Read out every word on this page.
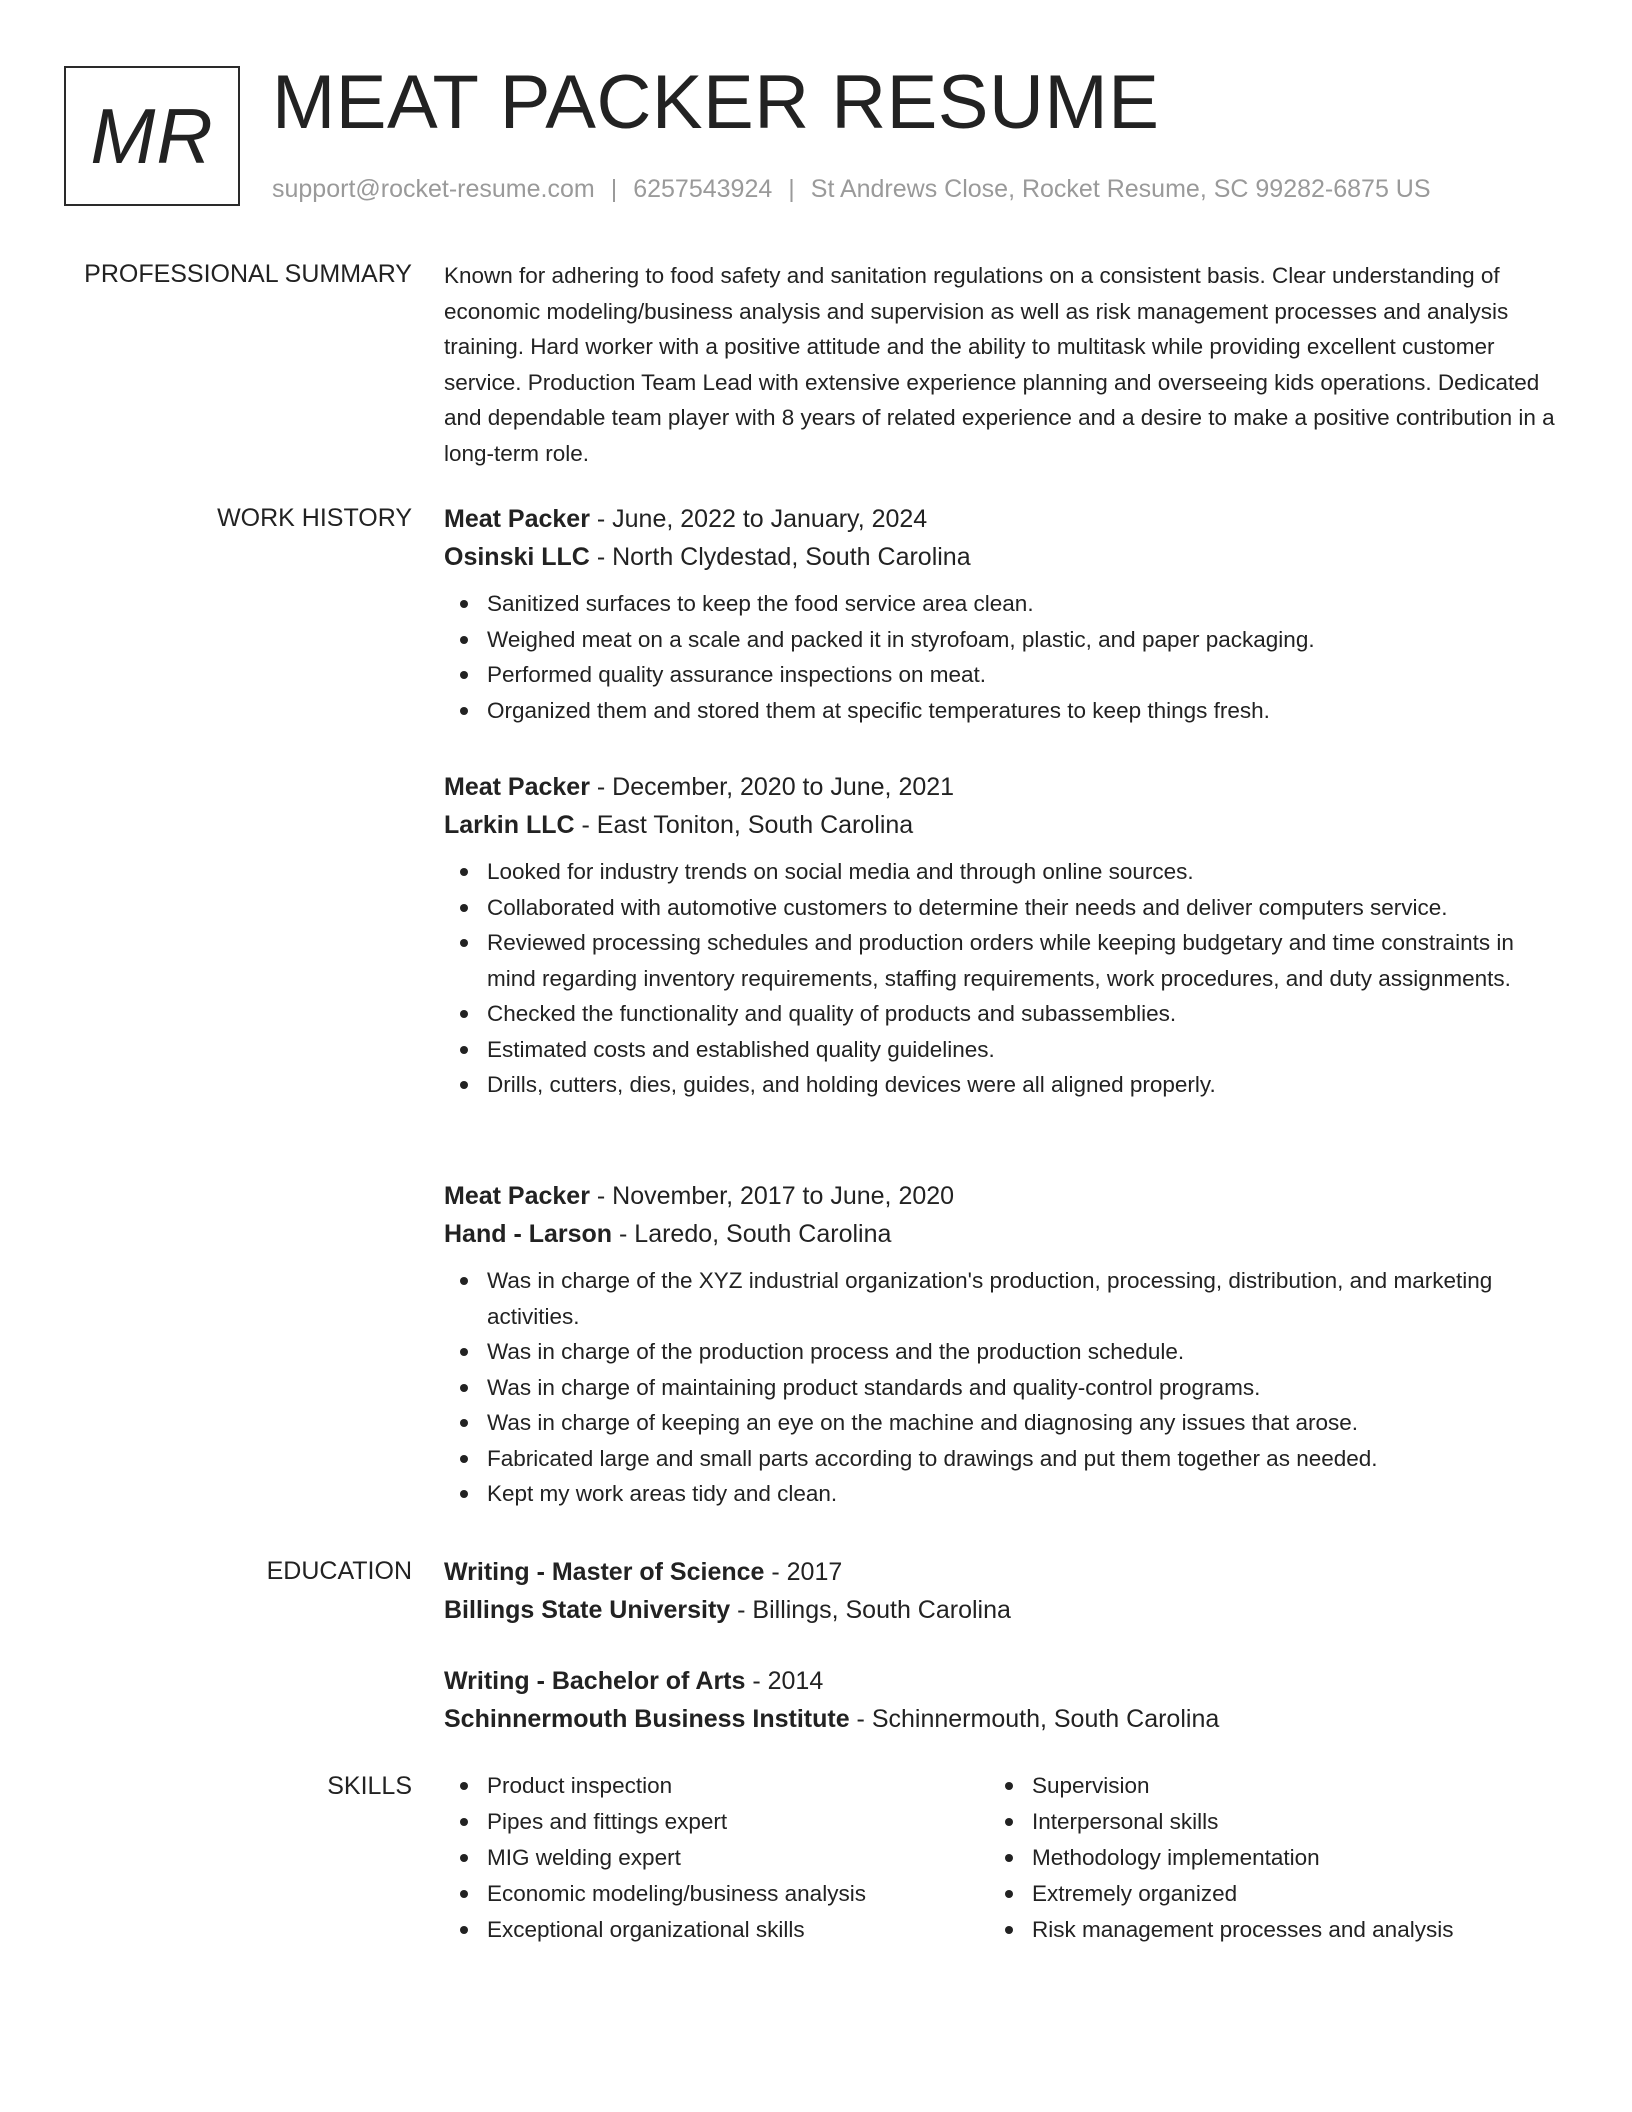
MR MEAT PACKER RESUME
support@rocket-resume.com | 6257543924 | St Andrews Close, Rocket Resume, SC 99282-6875 US
PROFESSIONAL SUMMARY Known for adhering to food safety and sanitation regulations on a consistent basis. Clear understanding of economic modeling/business analysis and supervision as well as risk management processes and analysis training. Hard worker with a positive attitude and the ability to multitask while providing excellent customer service. Production Team Lead with extensive experience planning and overseeing kids operations. Dedicated and dependable team player with 8 years of related experience and a desire to make a positive contribution in a long-term role.

WORK HISTORY Meat Packer - June, 2022 to January, 2024
Osinski LLC - North Clydestad, South Carolina
Sanitized surfaces to keep the food service area clean.
Weighed meat on a scale and packed it in styrofoam, plastic, and paper packaging.
Performed quality assurance inspections on meat.
Organized them and stored them at specific temperatures to keep things fresh.
Meat Packer - December, 2020 to June, 2021
Larkin LLC - East Toniton, South Carolina
Looked for industry trends on social media and through online sources.
Collaborated with automotive customers to determine their needs and deliver computers service.
Reviewed processing schedules and production orders while keeping budgetary and time constraints in mind regarding inventory requirements, staffing requirements, work procedures, and duty assignments.
Checked the functionality and quality of products and subassemblies.
Estimated costs and established quality guidelines.
Drills, cutters, dies, guides, and holding devices were all aligned properly.
Meat Packer - November, 2017 to June, 2020
Hand - Larson - Laredo, South Carolina
Was in charge of the XYZ industrial organization's production, processing, distribution, and marketing activities.
Was in charge of the production process and the production schedule.
Was in charge of maintaining product standards and quality-control programs.
Was in charge of keeping an eye on the machine and diagnosing any issues that arose.
Fabricated large and small parts according to drawings and put them together as needed.
Kept my work areas tidy and clean.
EDUCATION Writing - Master of Science - 2017
Billings State University - Billings, South Carolina
Writing - Bachelor of Arts - 2014
Schinnermouth Business Institute - Schinnermouth, South Carolina
SKILLS	Product inspection
Pipes and fittings expert
MIG welding expert
Economic modeling/business analysis
Exceptional organizational skills
Supervision
Interpersonal skills
Methodology implementation
Extremely organized
Risk management processes and analysis
